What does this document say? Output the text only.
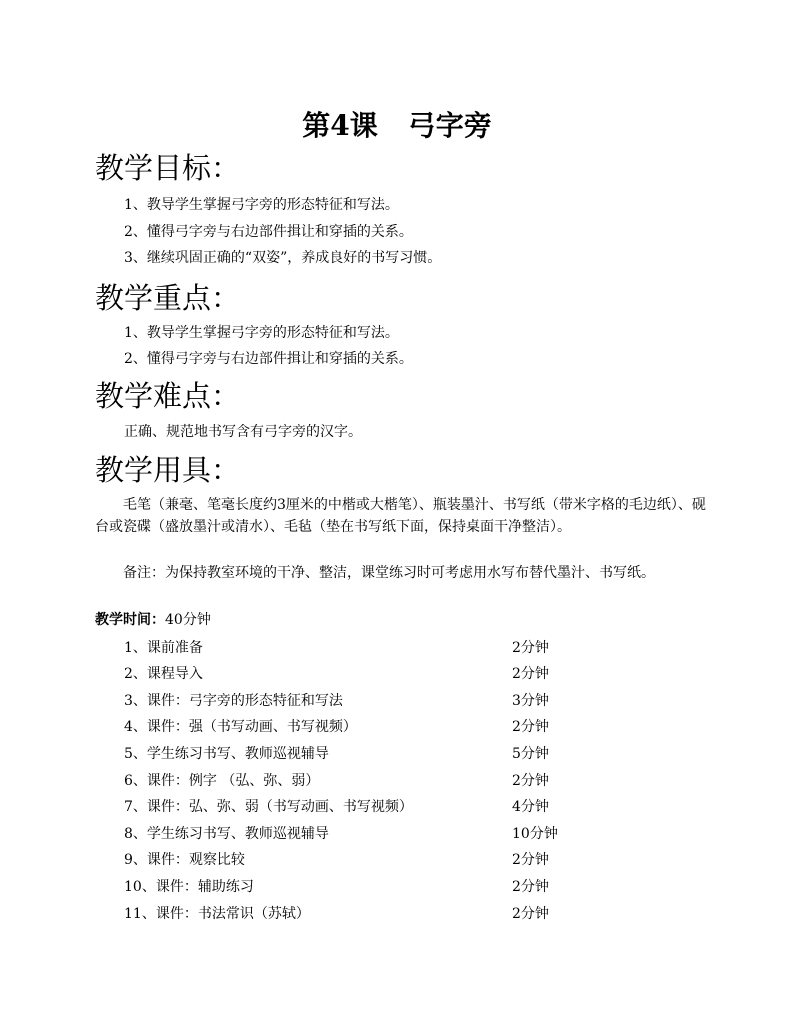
第4课 弓字旁
教学目标：
1、教导学生掌握弓字旁的形态特征和写法。
2、懂得弓字旁与右边部件揖让和穿插的关系。
3、继续巩固正确的“双姿”，养成良好的书写习惯。
教学重点：
1、教导学生掌握弓字旁的形态特征和写法。
2、懂得弓字旁与右边部件揖让和穿插的关系。
教学难点：
正确、规范地书写含有弓字旁的汉字。
教学用具：
毛笔（兼毫、笔毫长度约3厘米的中楷或大楷笔）、瓶装墨汁、书写纸（带米字格的毛边纸）、砚台或瓷碟（盛放墨汁或清水）、毛毡（垫在书写纸下面，保持桌面干净整洁）。
备注：为保持教室环境的干净、整洁，课堂练习时可考虑用水写布替代墨汁、书写纸。
教学时间：40分钟
1、课前准备	2分钟
2、课程导入	2分钟
3、课件：弓字旁的形态特征和写法	3分钟
4、课件：强（书写动画、书写视频）	2分钟
5、学生练习书写、教师巡视辅导	5分钟
6、课件：例字 （弘、弥、弱）	2分钟
7、课件：弘、弥、弱（书写动画、书写视频）	4分钟
8、学生练习书写、教师巡视辅导	10分钟
9、课件：观察比较	2分钟
10、课件：辅助练习	2分钟
11、课件：书法常识（苏轼）	2分钟
